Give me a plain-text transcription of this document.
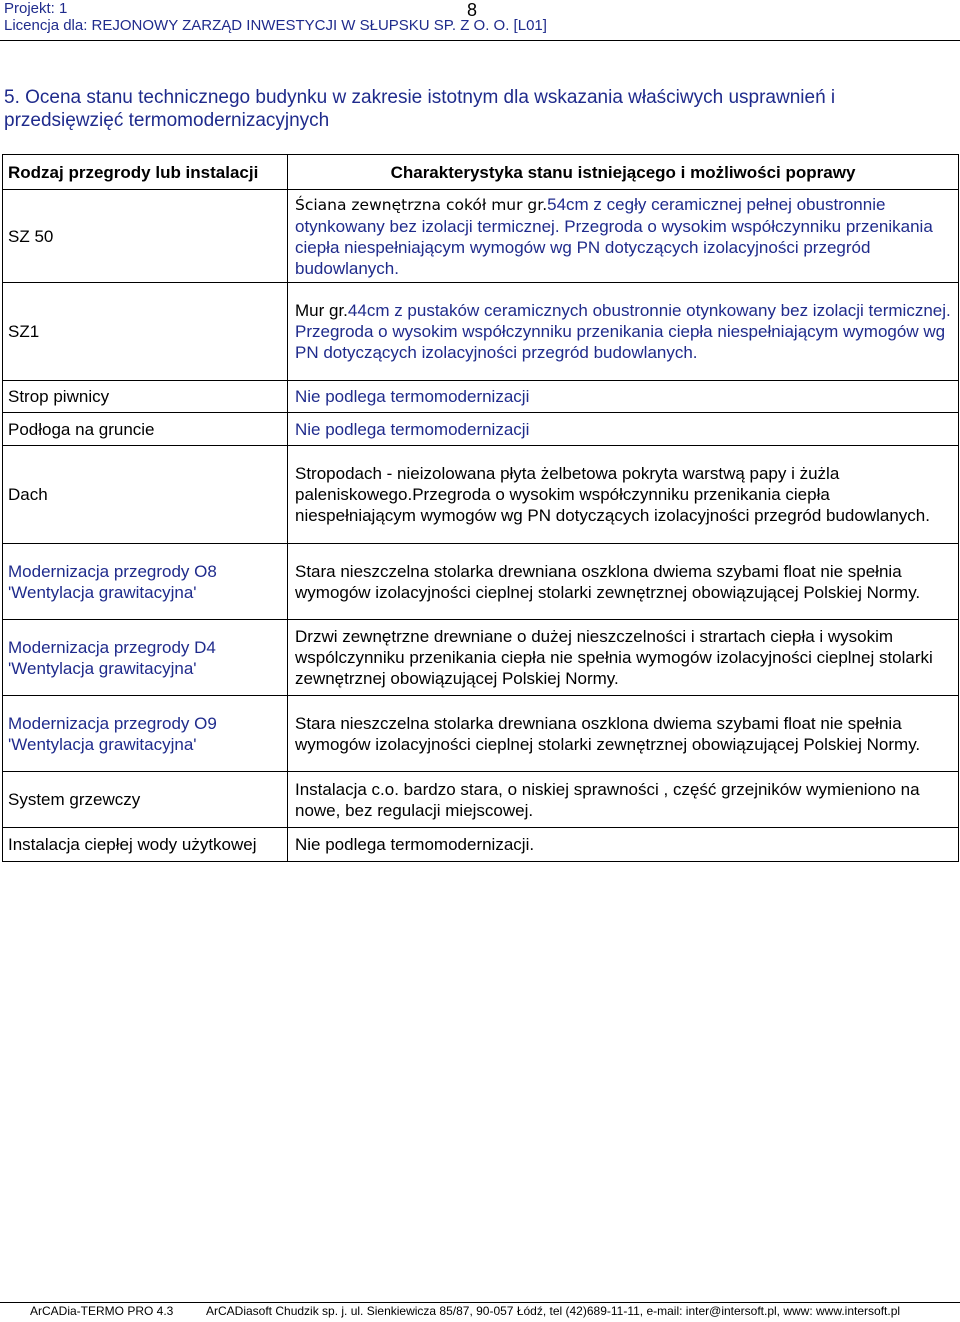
Projekt: 1	8
Licencja dla: REJONOWY ZARZĄD INWESTYCJI W SŁUPSKU SP. Z O. O. [L01]
5. Ocena stanu technicznego budynku w zakresie istotnym dla wskazania właściwych usprawnień i przedsięwzięć termomodernizacyjnych
Rodzaj przegrody lub instalacji	Charakterystyka stanu istniejącego i możliwości poprawy
SZ 50	Ściana zewnętrzna cokół mur gr.54cm z cegły ceramicznej pełnej obustronnie otynkowany bez izolacji termicznej. Przegroda o wysokim współczynniku przenikania ciepła niespełniającym wymogów wg PN dotyczących izolacyjności przegród budowlanych.
SZ1	Mur gr.44cm z pustaków ceramicznych obustronnie otynkowany bez izolacji termicznej. Przegroda o wysokim współczynniku przenikania ciepła niespełniającym wymogów wg PN dotyczących izolacyjności przegród budowlanych.
Strop piwnicy	Nie podlega termomodernizacji
Podłoga na gruncie	Nie podlega termomodernizacji
Dach	Stropodach - nieizolowana płyta żelbetowa pokryta warstwą papy i żużla paleniskowego.Przegroda o wysokim współczynniku przenikania ciepła niespełniającym wymogów wg PN dotyczących izolacyjności przegród budowlanych.
Modernizacja przegrody O8
'Wentylacja grawitacyjna'	Stara nieszczelna stolarka drewniana oszklona dwiema szybami float nie spełnia wymogów izolacyjności cieplnej stolarki zewnętrznej obowiązującej Polskiej Normy.
Modernizacja przegrody D4
'Wentylacja grawitacyjna'	Drzwi zewnętrzne drewniane o dużej nieszczelności i strartach ciepła i wysokim wspólczynniku przenikania ciepła nie spełnia wymogów izolacyjności cieplnej stolarki zewnętrznej obowiązującej Polskiej Normy.
Modernizacja przegrody O9
'Wentylacja grawitacyjna'	Stara nieszczelna stolarka drewniana oszklona dwiema szybami float nie spełnia wymogów izolacyjności cieplnej stolarki zewnętrznej obowiązującej Polskiej Normy.
System grzewczy	Instalacja c.o. bardzo stara, o niskiej sprawności , część grzejników wymieniono na nowe, bez regulacji miejscowej.
Instalacja ciepłej wody użytkowej	Nie podlega termomodernizacji.
ArCADia-TERMO PRO 4.3	ArCADiasoft Chudzik sp. j. ul. Sienkiewicza 85/87, 90-057 Łódź, tel (42)689-11-11, e-mail: inter@intersoft.pl, www: www.intersoft.pl
